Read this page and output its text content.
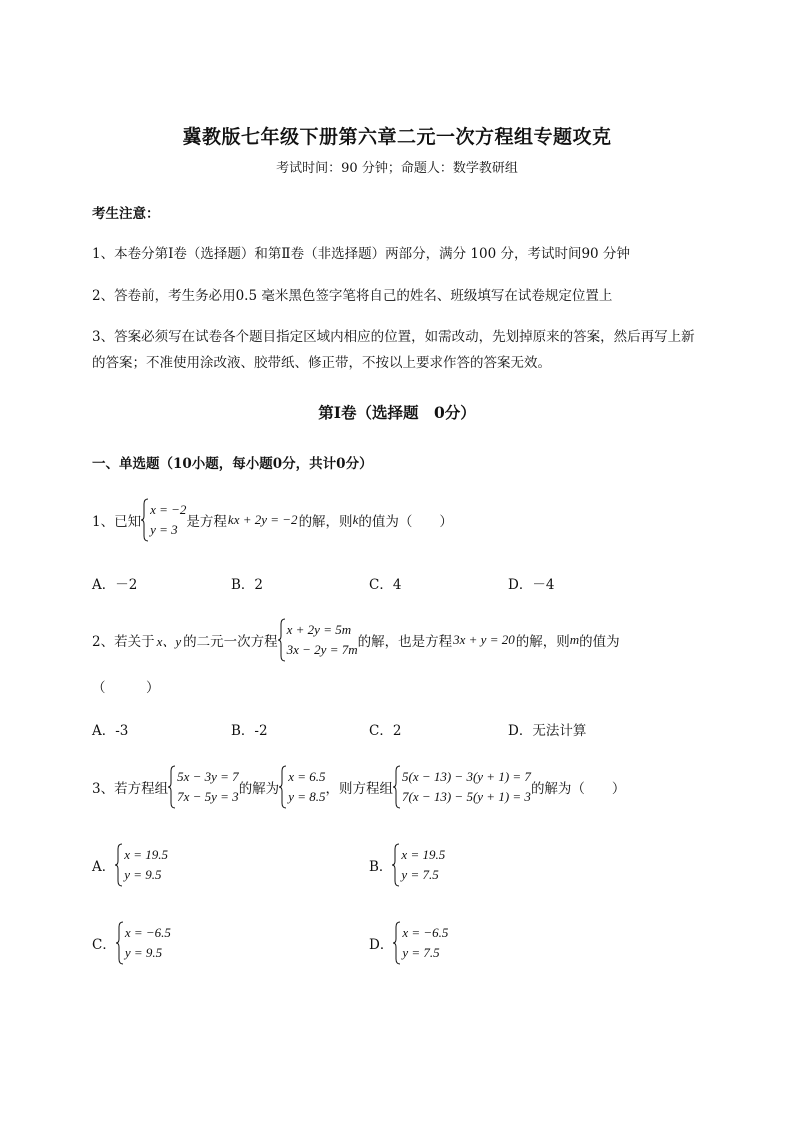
冀教版七年级下册第六章二元一次方程组专题攻克
考试时间：90 分钟；命题人：数学教研组
考生注意：
1、本卷分第Ⅰ卷（选择题）和第Ⅱ卷（非选择题）两部分，满分 100 分，考试时间90 分钟
2、答卷前，考生务必用0.5 毫米黑色签字笔将自己的姓名、班级填写在试卷规定位置上
3、答案必须写在试卷各个题目指定区域内相应的位置，如需改动，先划掉原来的答案，然后再写上新
的答案；不准使用涂改液、胶带纸、修正带，不按以上要求作答的答案无效。
第Ⅰ卷（选择题　0分）
一、单选题（10小题，每小题0分，共计0分）
1、已知
x = −2
y = 3 是方程 kx + 2y = −2 的解，则 k 的值为（　　）
A．－2	B．2	C．4	D．－4
2、若关于 x、y 的二元一次方程
x + 2y = 5m
3x − 2y = 7m 的解，也是方程 3x + y = 20 的解，则 m 的值为
（　　　）
A．-3	B．-2	C．2	D．无法计算
3、若方程组
5x − 3y = 7
7x − 5y = 3 的解为
x = 6.5
y = 8.5 ，则方程组
5(x − 13) − 3(y + 1) = 7
7(x − 13) − 5(y + 1) = 3 的解为（　　）
A．
x = 19.5
y = 9.5	B．
x = 19.5
y = 7.5
C．
x = −6.5
y = 9.5	D．
x = −6.5
y = 7.5
